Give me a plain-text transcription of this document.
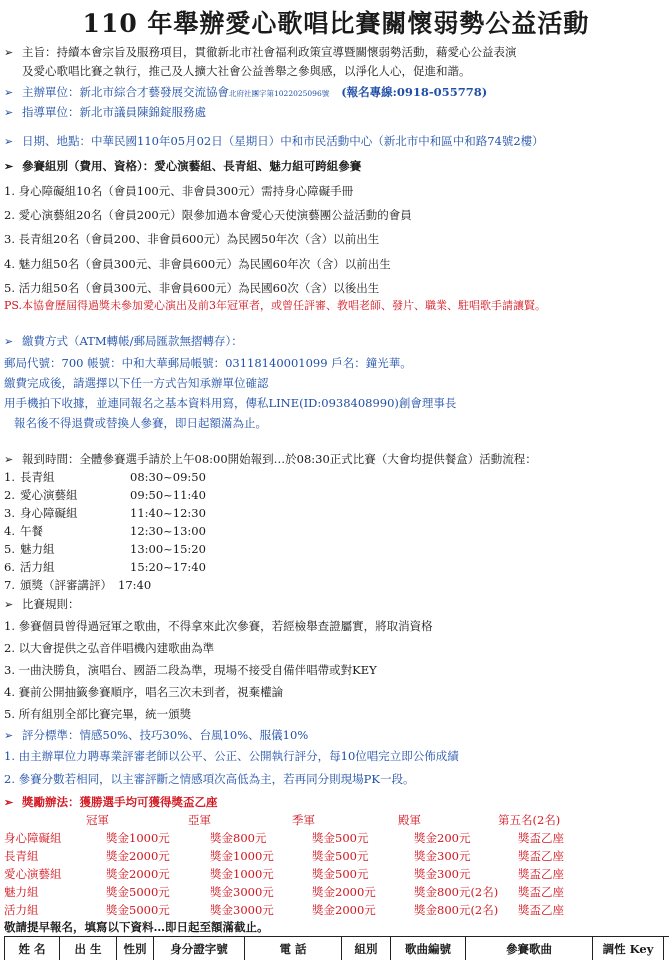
110 年舉辦愛心歌唱比賽關懷弱勢公益活動
➢ 主旨：持續本會宗旨及服務項目，貫徹新北市社會福利政策宣導暨關懷弱勢活動，藉愛心公益表演
及愛心歌唱比賽之執行，推己及人擴大社會公益善舉之參與感，以淨化人心，促進和諧。
➢ 主辦單位：新北市綜合才藝發展交流協會北府社團字第1022025096號 (報名專線:0918-055778)
➢ 指導單位：新北市議員陳錦錠服務處
➢ 日期、地點：中華民國110年05月02日（星期日）中和市民活動中心（新北市中和區中和路74號2樓）
➢ 參賽組別（費用、資格）：愛心演藝組、長青組、魅力組可跨組參賽
1. 身心障礙組10名（會員100元、非會員300元）需持身心障礙手冊
2. 愛心演藝組20名（會員200元）限參加過本會愛心天使演藝團公益活動的會員
3. 長青組20名（會員200、非會員600元）為民國50年次（含）以前出生
4. 魅力組50名（會員300元、非會員600元）為民國60年次（含）以前出生
5. 活力組50名（會員300元、非會員600元）為民國60次（含）以後出生
PS.本協會歷屆得過獎未參加愛心演出及前3年冠軍者，或曾任評審、教唱老師、發片、職業、駐唱歌手請讓賢。
➢ 繳費方式（ATM轉帳/郵局匯款無摺轉存）：
郵局代號：700 帳號：中和大華郵局帳號：03118140001099 戶名：鐘光華。
繳費完成後，請選擇以下任一方式告知承辦單位確認
用手機拍下收據，並連同報名之基本資料用寫，傳私LINE(ID:0938408990)創會理事長
報名後不得退費或替換人參賽，即日起額滿為止。
➢ 報到時間：全體參賽選手請於上午08:00開始報到…於08:30正式比賽（大會均提供餐盒）活動流程：
1. 長青組	08:30~09:50
2. 愛心演藝組	09:50~11:40
3. 身心障礙組	11:40~12:30
4. 午餐	12:30~13:00
5. 魅力組	13:00~15:20
6. 活力組	15:20~17:40
7. 頒獎（評審講評） 17:40
➢ 比賽規則：
1. 參賽個員曾得過冠軍之歌曲，不得拿來此次參賽，若經檢舉查證屬實，將取消資格
2. 以大會提供之弘音伴唱機內建歌曲為準
3. 一曲決勝負，演唱台、國語二段為準，現場不接受自備伴唱帶或對KEY
4. 賽前公開抽籤參賽順序，唱名三次未到者，視棄權論
5. 所有組別全部比賽完畢，統一頒獎
➢ 評分標準：情感50%、技巧30%、台風10%、服儀10%
1. 由主辦單位力聘專業評審老師以公平、公正、公開執行評分，每10位唱完立即公佈成績
2. 參賽分數若相同，以主審評斷之情感項次高低為主，若再同分則現場PK一段。
➢ 獎勵辦法：獲勝選手均可獲得獎盃乙座
冠軍	亞軍	季軍	殿軍	第五名(2名)
身心障礙組	獎金1000元	獎金800元	獎金500元	獎金200元	獎盃乙座
長青組	獎金2000元	獎金1000元	獎金500元	獎金300元	獎盃乙座
愛心演藝組	獎金2000元	獎金1000元	獎金500元	獎金300元	獎盃乙座
魅力組	獎金5000元	獎金3000元	獎金2000元	獎金800元(2名) 獎盃乙座
活力組	獎金5000元	獎金3000元	獎金2000元	獎金800元(2名) 獎盃乙座
敬請提早報名，填寫以下資料…即日起至額滿截止。
姓 名	出 生	性別	身分證字號	電 話	組別	歌曲編號	參賽歌曲	調性 Key
